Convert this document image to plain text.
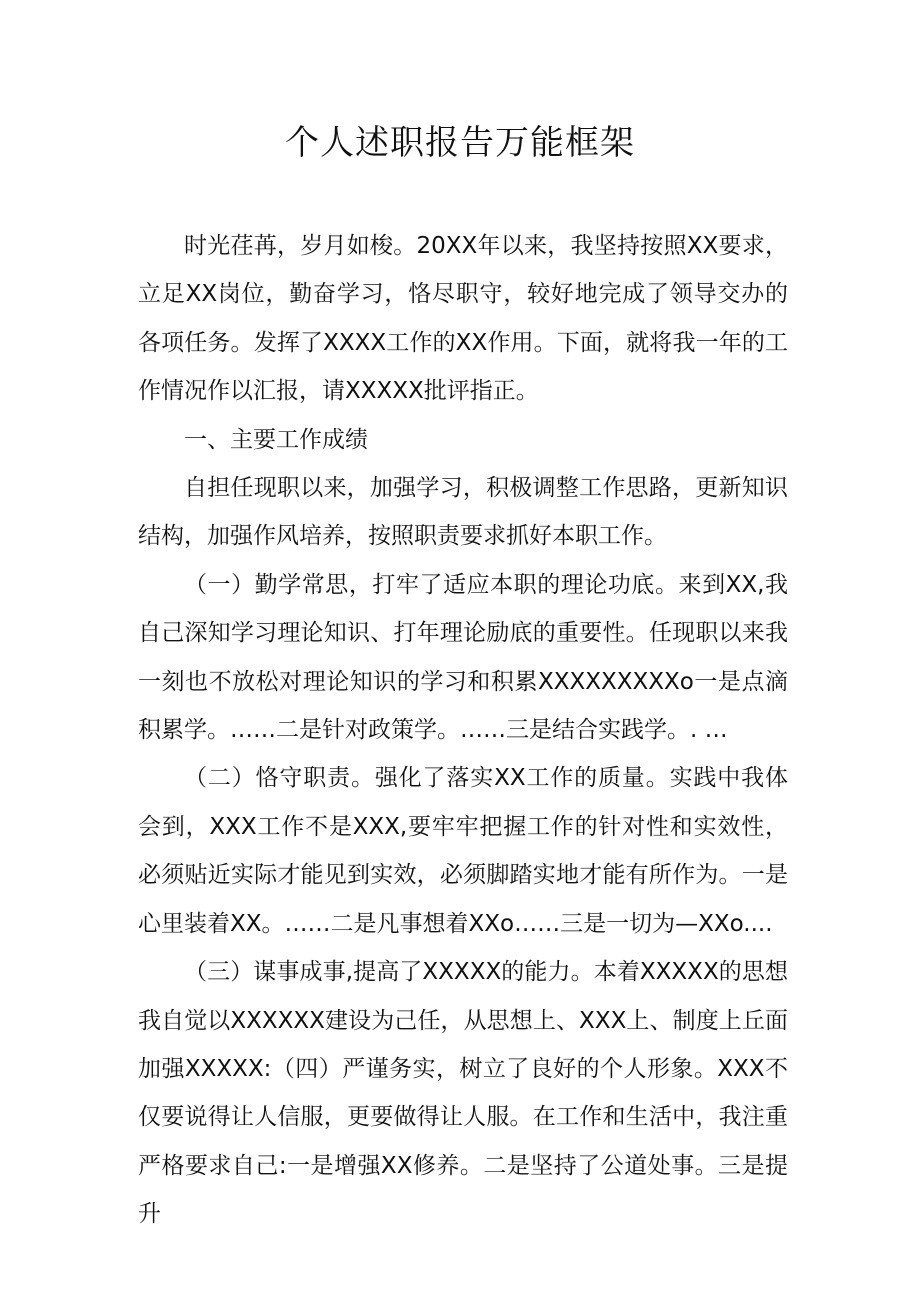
个人述职报告万能框架

时光荏苒，岁月如梭。20XX年以来，我坚持按照XX要求，立足XX岗位，勤奋学习，恪尽职守，较好地完成了领导交办的各项任务。发挥了XXXX工作的XX作用。下面，就将我一年的工作情况作以汇报，请XXXXX批评指正。

一、主要工作成绩

自担任现职以来，加强学习，积极调整工作思路，更新知识结构，加强作风培养，按照职责要求抓好本职工作。

（一）勤学常思，打牢了适应本职的理论功底。来到XX,我自己深知学习理论知识、打年理论励底的重要性。任现职以来我一刻也不放松对理论知识的学习和积累XXXXXXXXXo一是点滴积累学。……二是针对政策学。……三是结合实践学。. …

（二）恪守职责。强化了落实XX工作的质量。实践中我体会到，XXX工作不是XXX,要牢牢把握工作的针对性和实效性，必须贴近实际才能见到实效，必须脚踏实地才能有所作为。一是心里装着XX。……二是凡事想着XXo……三是一切为—XXo....

（三）谋事成事,提高了XXXXX的能力。本着XXXXX的思想我自觉以XXXXXX建设为己任，从思想上、XXX上、制度上丘面加强XXXXX:（四）严谨务实，树立了良好的个人形象。XXX不仅要说得让人信服，更要做得让人服。在工作和生活中，我注重严格要求自己:一是增强XX修养。二是坚持了公道处事。三是提升
